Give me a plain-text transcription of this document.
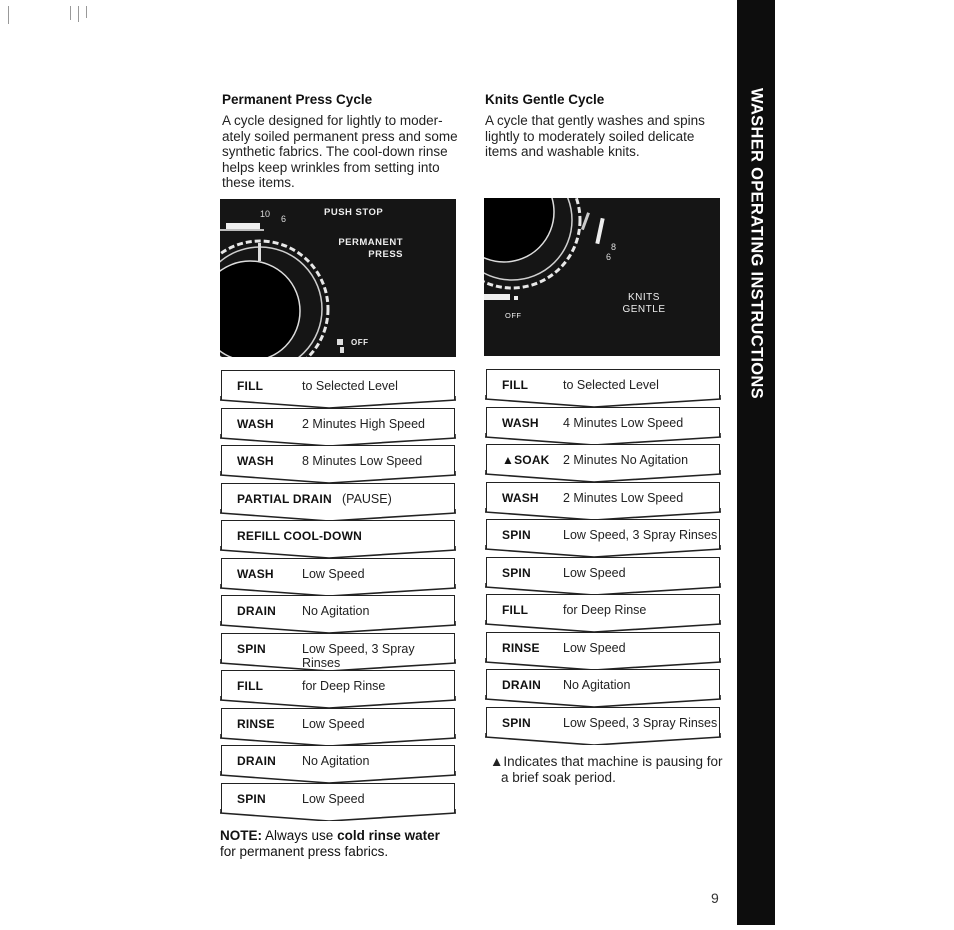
Permanent Press Cycle
A cycle designed for lightly to moder-
ately soiled permanent press and some
synthetic fabrics. The cool-down rinse
helps keep wrinkles from setting into
these items.
10 6
PUSH STOP
PERMANENT
PRESS
OFF
FILL	to Selected Level
WASH 2 Minutes High Speed
WASH 8 Minutes Low Speed
PARTIAL DRAIN (PAUSE)
REFILL COOL-DOWN
WASH Low Speed
DRAIN No Agitation
SPIN	Low Speed, 3 Spray Rinses
FILL	for Deep Rinse
RINSE Low Speed
DRAIN No Agitation
SPIN	Low Speed
NOTE: Always use cold rinse water
for permanent press fabrics.
Knits Gentle Cycle
A cycle that gently washes and spins
lightly to moderately soiled delicate
items and washable knits.
8
6
KNITS
GENTLE
OFF
FILL	to Selected Level
WASH 4 Minutes Low Speed
▲SOAK 2 Minutes No Agitation
WASH 2 Minutes Low Speed
SPIN	Low Speed, 3 Spray Rinses
SPIN	Low Speed
FILL	for Deep Rinse
RINSE Low Speed
DRAIN No Agitation
SPIN	Low Speed, 3 Spray Rinses
▲Indicates that machine is pausing for
a brief soak period.
WASHER OPERATING INSTRUCTIONS
9
